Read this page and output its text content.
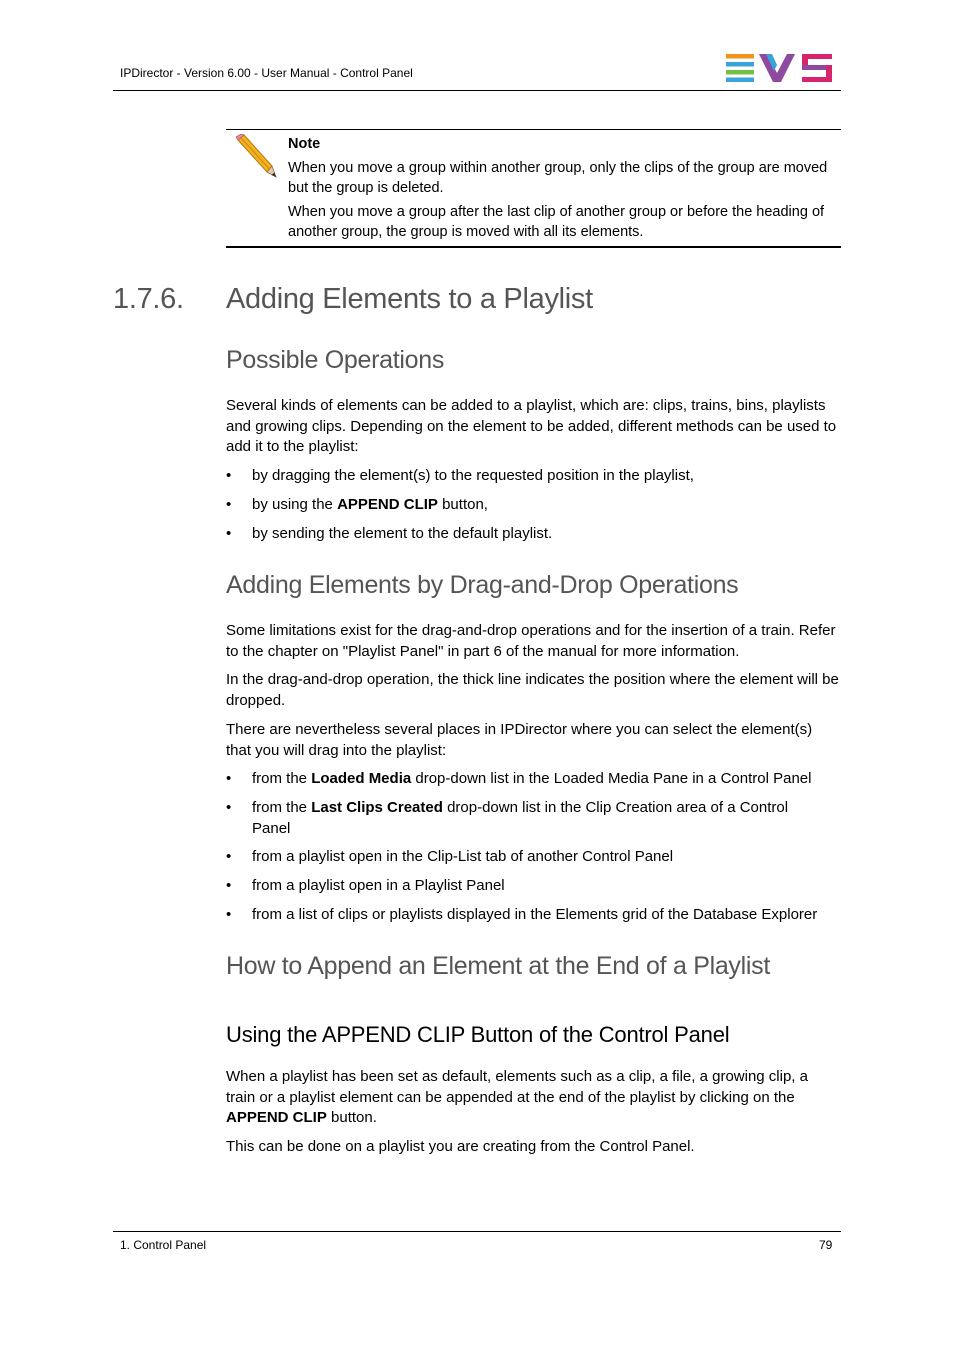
IPDirector - Version 6.00 - User Manual - Control Panel

Note

When you move a group within another group, only the clips of the group are moved but the group is deleted.

When you move a group after the last clip of another group or before the heading of another group, the group is moved with all its elements.

1.7.6. Adding Elements to a Playlist
Possible Operations
Several kinds of elements can be added to a playlist, which are: clips, trains, bins, playlists and growing clips. Depending on the element to be added, different methods can be used to add it to the playlist:
• by dragging the element(s) to the requested position in the playlist,
• by using the APPEND CLIP button,
• by sending the element to the default playlist.
Adding Elements by Drag-and-Drop Operations
Some limitations exist for the drag-and-drop operations and for the insertion of a train. Refer to the chapter on "Playlist Panel" in part 6 of the manual for more information.
In the drag-and-drop operation, the thick line indicates the position where the element will be dropped.
There are nevertheless several places in IPDirector where you can select the element(s) that you will drag into the playlist:
• from the Loaded Media drop-down list in the Loaded Media Pane in a Control Panel
• from the Last Clips Created drop-down list in the Clip Creation area of a Control Panel
• from a playlist open in the Clip-List tab of another Control Panel
• from a playlist open in a Playlist Panel
• from a list of clips or playlists displayed in the Elements grid of the Database Explorer
How to Append an Element at the End of a Playlist
Using the APPEND CLIP Button of the Control Panel
When a playlist has been set as default, elements such as a clip, a file, a growing clip, a train or a playlist element can be appended at the end of the playlist by clicking on the APPEND CLIP button.
This can be done on a playlist you are creating from the Control Panel.
1. Control Panel	79
